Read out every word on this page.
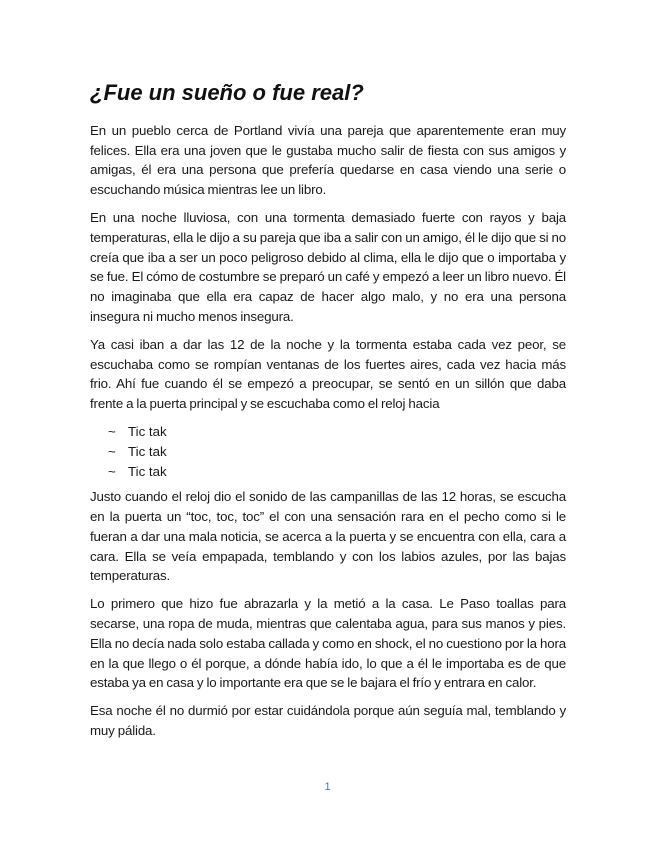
¿Fue un sueño o fue real?

En un pueblo cerca de Portland vivía una pareja que aparentemente eran muy felices. Ella era una joven que le gustaba mucho salir de fiesta con sus amigos y amigas, él era una persona que prefería quedarse en casa viendo una serie o escuchando música mientras lee un libro.

En una noche lluviosa, con una tormenta demasiado fuerte con rayos y baja temperaturas, ella le dijo a su pareja que iba a salir con un amigo, él le dijo que si no creía que iba a ser un poco peligroso debido al clima, ella le dijo que o importaba y se fue. El cómo de costumbre se preparó un café y empezó a leer un libro nuevo. Él no imaginaba que ella era capaz de hacer algo malo, y no era una persona insegura ni mucho menos insegura.

Ya casi iban a dar las 12 de la noche y la tormenta estaba cada vez peor, se escuchaba como se rompían ventanas de los fuertes aires, cada vez hacia más frio. Ahí fue cuando él se empezó a preocupar, se sentó en un sillón que daba frente a la puerta principal y se escuchaba como el reloj hacia

~ Tic tak
~ Tic tak
~ Tic tak

Justo cuando el reloj dio el sonido de las campanillas de las 12 horas, se escucha en la puerta un “toc, toc, toc” el con una sensación rara en el pecho como si le fueran a dar una mala noticia, se acerca a la puerta y se encuentra con ella, cara a cara. Ella se veía empapada, temblando y con los labios azules, por las bajas temperaturas.

Lo primero que hizo fue abrazarla y la metió a la casa. Le Paso toallas para secarse, una ropa de muda, mientras que calentaba agua, para sus manos y pies. Ella no decía nada solo estaba callada y como en shock, el no cuestiono por la hora en la que llego o él porque, a dónde había ido, lo que a él le importaba es de que estaba ya en casa y lo importante era que se le bajara el frío y entrara en calor.

Esa noche él no durmió por estar cuidándola porque aún seguía mal, temblando y muy pálida.

1
